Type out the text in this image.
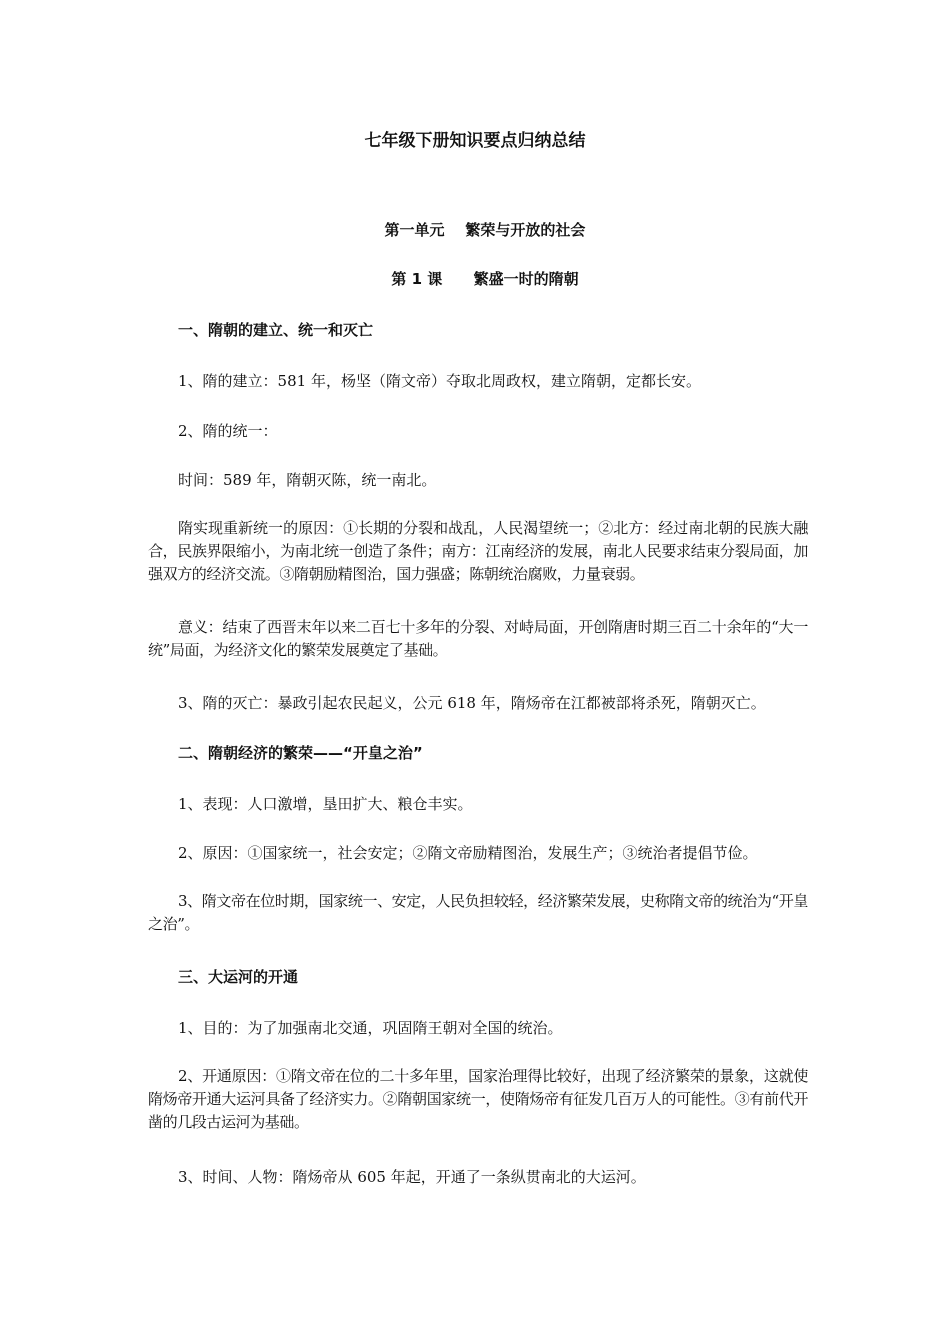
七年级下册知识要点归纳总结
第一单元    繁荣与开放的社会
第 1 课      繁盛一时的隋朝
一、隋朝的建立、统一和灭亡
1、隋的建立：581 年，杨坚（隋文帝）夺取北周政权，建立隋朝，定都长安。
2、隋的统一：
时间：589 年，隋朝灭陈，统一南北。
隋实现重新统一的原因：①长期的分裂和战乱，人民渴望统一；②北方：经过南北朝的民族大融合，民族界限缩小，为南北统一创造了条件；南方：江南经济的发展，南北人民要求结束分裂局面，加强双方的经济交流。③隋朝励精图治，国力强盛；陈朝统治腐败，力量衰弱。
意义：结束了西晋末年以来二百七十多年的分裂、对峙局面，开创隋唐时期三百二十余年的“大一统”局面，为经济文化的繁荣发展奠定了基础。
3、隋的灭亡：暴政引起农民起义，公元 618 年，隋炀帝在江都被部将杀死，隋朝灭亡。
二、隋朝经济的繁荣——“开皇之治”
1、表现：人口激增，垦田扩大、粮仓丰实。
2、原因：①国家统一，社会安定；②隋文帝励精图治，发展生产；③统治者提倡节俭。
3、隋文帝在位时期，国家统一、安定，人民负担较轻，经济繁荣发展，史称隋文帝的统治为“开皇之治”。
三、大运河的开通
1、目的：为了加强南北交通，巩固隋王朝对全国的统治。
2、开通原因：①隋文帝在位的二十多年里，国家治理得比较好，出现了经济繁荣的景象，这就使隋炀帝开通大运河具备了经济实力。②隋朝国家统一，使隋炀帝有征发几百万人的可能性。③有前代开凿的几段古运河为基础。
3、时间、人物：隋炀帝从 605 年起，开通了一条纵贯南北的大运河。
